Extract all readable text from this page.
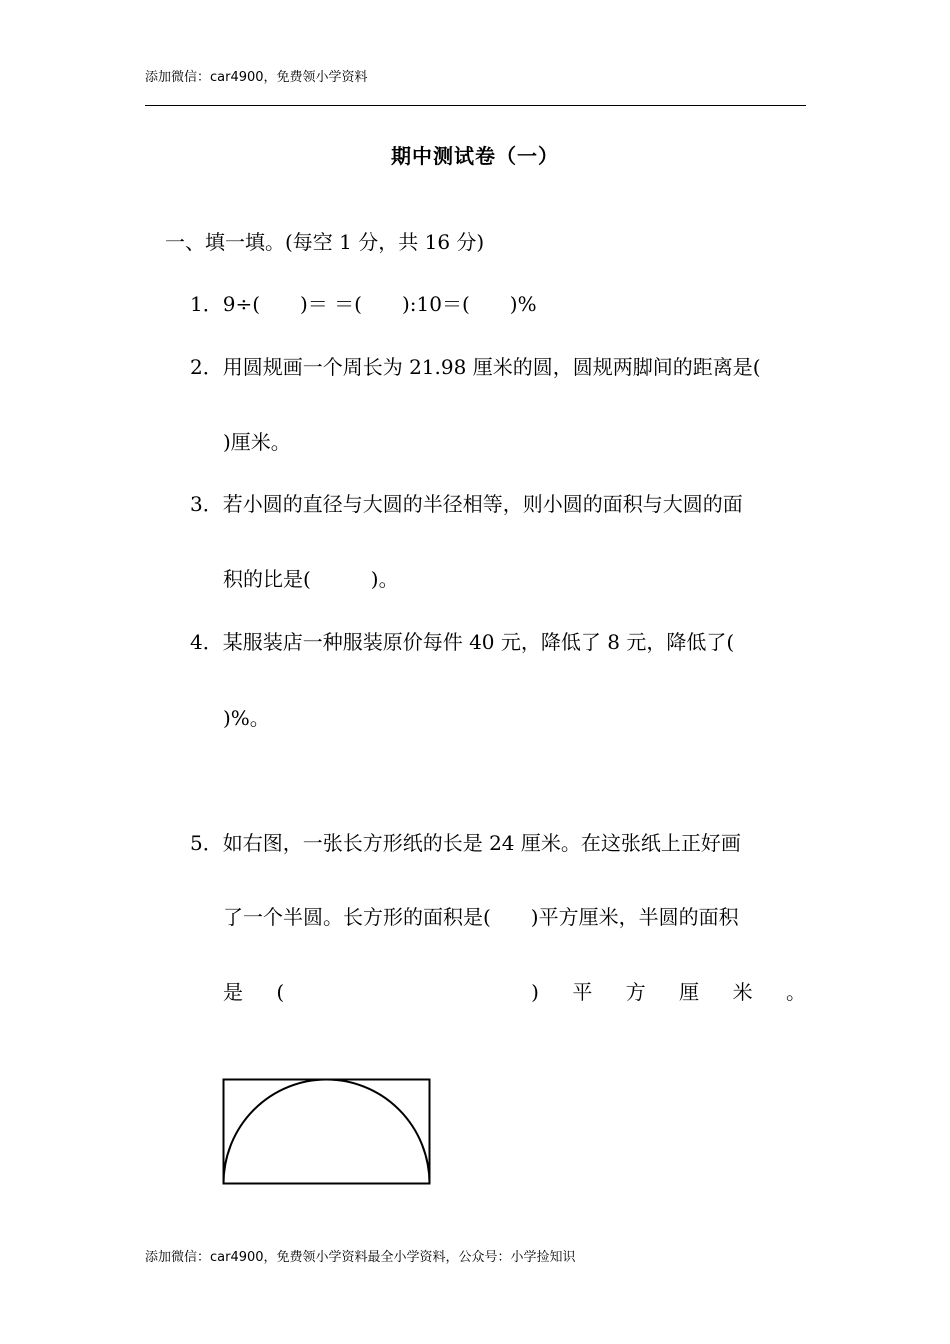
添加微信：car4900，免费领小学资料
期中测试卷（一）
一、填一填。(每空 1 分，共 16 分)
1．9÷(　　)＝ ＝(　　):10＝(　　)%
2．用圆规画一个周长为 21.98 厘米的圆，圆规两脚间的距离是(
)厘米。
3．若小圆的直径与大圆的半径相等，则小圆的面积与大圆的面
积的比是(　　　)。
4．某服装店一种服装原价每件 40 元，降低了 8 元，降低了(
)%。
5．如右图，一张长方形纸的长是 24 厘米。在这张纸上正好画
了一个半圆。长方形的面积是(　　)平方厘米，半圆的面积
是 (	) 平 方 厘 米 。
添加微信：car4900，免费领小学资料最全小学资料，公众号：小学捡知识
